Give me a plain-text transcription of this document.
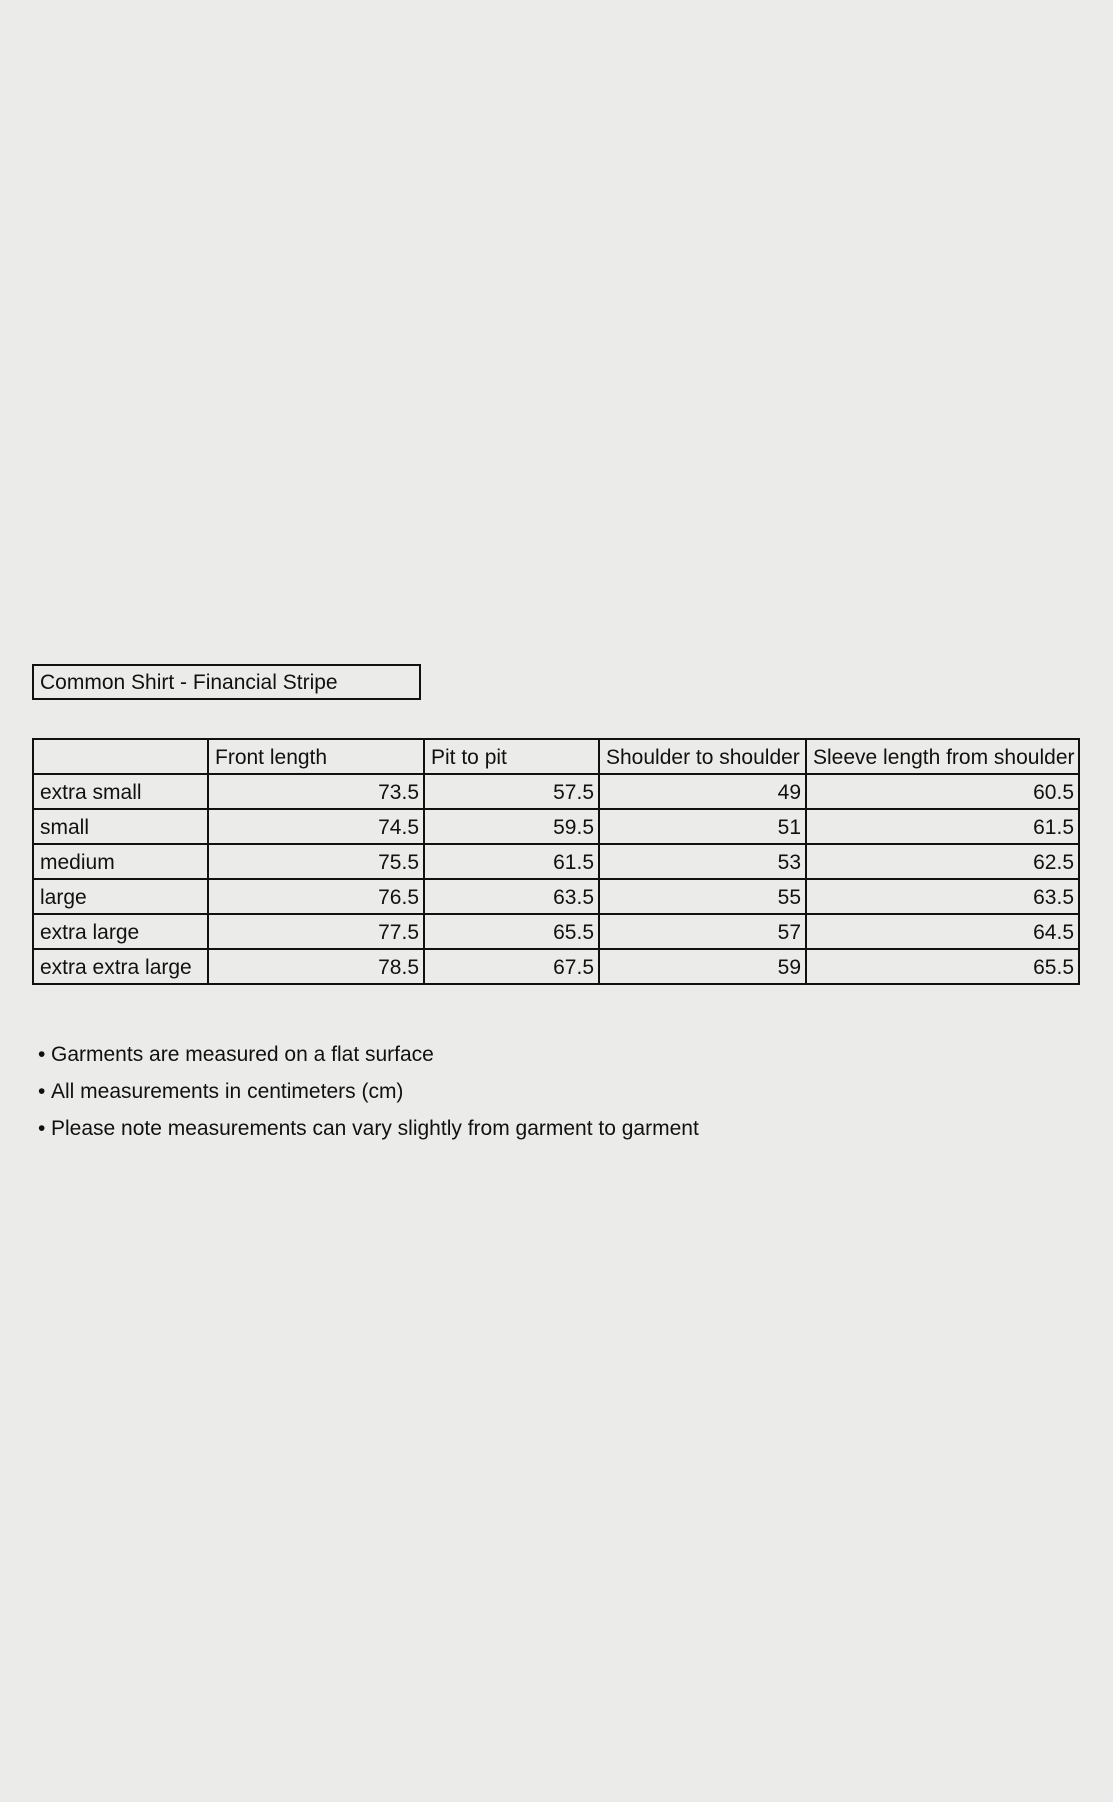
Common Shirt - Financial Stripe
	Front length	Pit to pit	Shoulder to shoulder	Sleeve length from shoulder
extra small	73.5	57.5	49	60.5
small	74.5	59.5	51	61.5
medium	75.5	61.5	53	62.5
large	76.5	63.5	55	63.5
extra large	77.5	65.5	57	64.5
extra extra large	78.5	67.5	59	65.5
• Garments are measured on a flat surface
• All measurements in centimeters (cm)
• Please note measurements can vary slightly from garment to garment
